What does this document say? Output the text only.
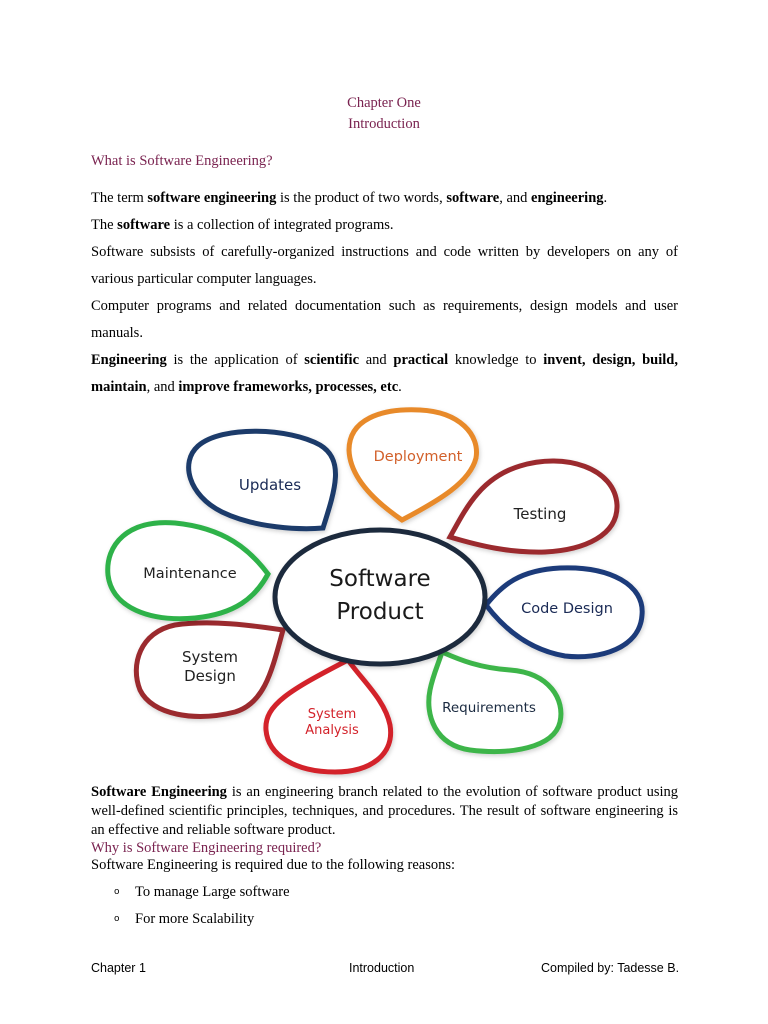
Chapter One
Introduction
What is Software Engineering?
The term software engineering is the product of two words, software, and engineering.
The software is a collection of integrated programs.
Software subsists of carefully-organized instructions and code written by developers on any of various particular computer languages.
Computer programs and related documentation such as requirements, design models and user manuals.
Engineering is the application of scientific and practical knowledge to invent, design, build, maintain, and improve frameworks, processes, etc.
Updates
Deployment
Testing
Code Design
Requirements
System
Analysis
System
Design
Maintenance	Software
Product
Software Engineering is an engineering branch related to the evolution of software product using well-defined scientific principles, techniques, and procedures. The result of software engineering is an effective and reliable software product.
Why is Software Engineering required?
Software Engineering is required due to the following reasons:
o To manage Large software
o For more Scalability
Chapter 1	Introduction	Compiled by: Tadesse B.
